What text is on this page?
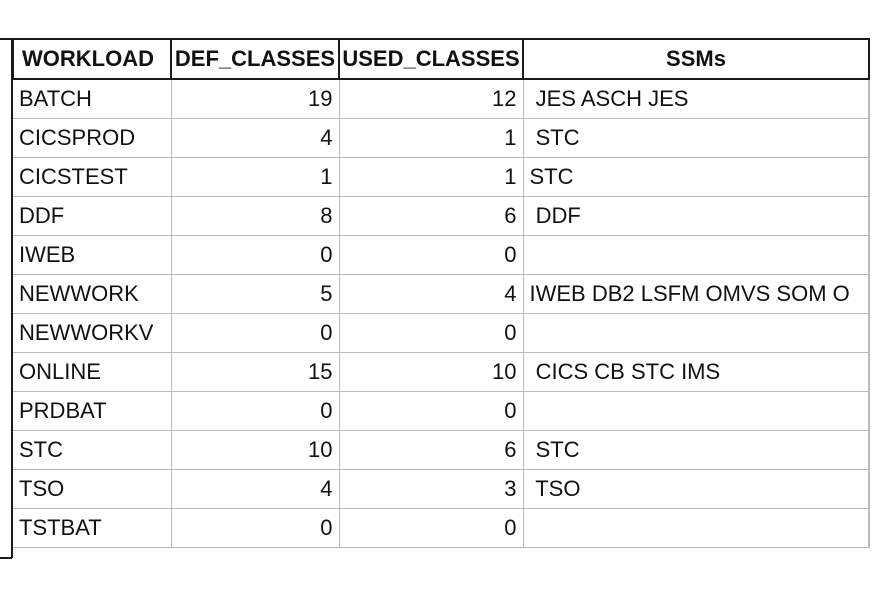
WORKLOAD	DEF_CLASSES	USED_CLASSES	SSMs
BATCH	19	12	JES ASCH JES
CICSPROD	4	1	STC
CICSTEST	1	1	STC
DDF	8	6	DDF
IWEB	0	0	
NEWWORK	5	4	IWEB DB2 LSFM OMVS SOM O
NEWWORKV	0	0	
ONLINE	15	10	CICS CB STC IMS
PRDBAT	0	0	
STC	10	6	STC
TSO	4	3	TSO
TSTBAT	0	0	
